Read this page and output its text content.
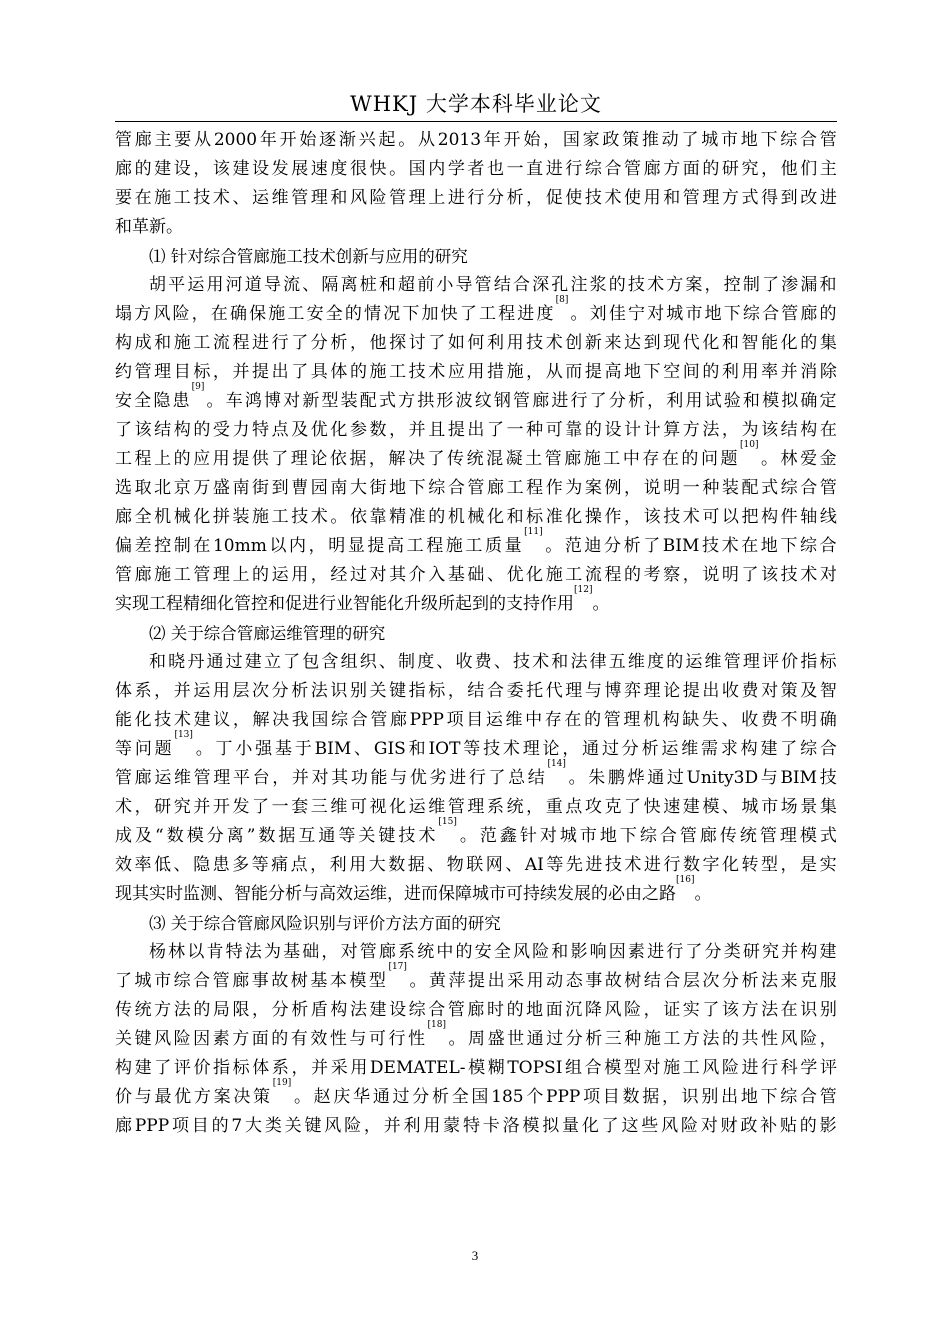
WHKJ 大学本科毕业论文
管 廊 主 要 从 2000 年 开 始 逐 渐 兴 起 。 从 2013 年 开 始 ， 国 家 政 策 推 动 了 城 市 地 下 综 合 管
廊 的 建 设 ， 该 建 设 发 展 速 度 很 快 。 国 内 学 者 也 一 直 进 行 综 合 管 廊 方 面 的 研 究 ， 他 们 主
要 在 施 工 技 术 、 运 维 管 理 和 风 险 管 理 上 进 行 分 析 ， 促 使 技 术 使 用 和 管 理 方 式 得 到 改 进
和革新。
⑴ 针对综合管廊施工技术创新与应用的研究
胡 平 运 用 河 道 导 流 、 隔 离 桩 和 超 前 小 导 管 结 合 深 孔 注 浆 的 技 术 方 案 ， 控 制 了 渗 漏 和
塌 方 风 险 ， 在 确 保 施 工 安 全 的 情 况 下 加 快 了 工 程 进 度
[8]
。 刘 佳 宁 对 城 市 地 下 综 合 管 廊 的
构 成 和 施 工 流 程 进 行 了 分 析 ， 他 探 讨 了 如 何 利 用 技 术 创 新 来 达 到 现 代 化 和 智 能 化 的 集
约 管 理 目 标 ， 并 提 出 了 具 体 的 施 工 技 术 应 用 措 施 ， 从 而 提 高 地 下 空 间 的 利 用 率 并 消 除
安 全 隐 患
[9]
。 车 鸿 博 对 新 型 装 配 式 方 拱 形 波 纹 钢 管 廊 进 行 了 分 析 ， 利 用 试 验 和 模 拟 确 定
了 该 结 构 的 受 力 特 点 及 优 化 参 数 ， 并 且 提 出 了 一 种 可 靠 的 设 计 计 算 方 法 ， 为 该 结 构 在
工 程 上 的 应 用 提 供 了 理 论 依 据 ， 解 决 了 传 统 混 凝 土 管 廊 施 工 中 存 在 的 问 题
[10]
。 林 爱 金
选 取 北 京 万 盛 南 街 到 曹 园 南 大 街 地 下 综 合 管 廊 工 程 作 为 案 例 ， 说 明 一 种 装 配 式 综 合 管
廊 全 机 械 化 拼 装 施 工 技 术 。 依 靠 精 准 的 机 械 化 和 标 准 化 操 作 ， 该 技 术 可 以 把 构 件 轴 线
偏 差 控 制 在 10mm 以 内 ， 明 显 提 高 工 程 施 工 质 量
[11]
。 范 迪 分 析 了 BIM 技 术 在 地 下 综 合
管 廊 施 工 管 理 上 的 运 用 ， 经 过 对 其 介 入 基 础 、 优 化 施 工 流 程 的 考 察 ， 说 明 了 该 技 术 对
实现工程精细化管控和促进行业智能化升级所起到的支持作用
[12]
。
⑵ 关于综合管廊运维管理的研究
和 晓 丹 通 过 建 立 了 包 含 组 织 、 制 度 、 收 费 、 技 术 和 法 律 五 维 度 的 运 维 管 理 评 价 指 标
体 系 ， 并 运 用 层 次 分 析 法 识 别 关 键 指 标 ， 结 合 委 托 代 理 与 博 弈 理 论 提 出 收 费 对 策 及 智
能 化 技 术 建 议 ， 解 决 我 国 综 合 管 廊 PPP 项 目 运 维 中 存 在 的 管 理 机 构 缺 失 、 收 费 不 明 确
等 问 题
[13]
。 丁 小 强 基 于 BIM 、 GIS 和 IOT 等 技 术 理 论 ， 通 过 分 析 运 维 需 求 构 建 了 综 合
管 廊 运 维 管 理 平 台 ， 并 对 其 功 能 与 优 劣 进 行 了 总 结
[14]
。 朱 鹏 烨 通 过 Unity3D 与 BIM 技
术 ， 研 究 并 开 发 了 一 套 三 维 可 视 化 运 维 管 理 系 统 ， 重 点 攻 克 了 快 速 建 模 、 城 市 场 景 集
成 及 “ 数 模 分 离 ” 数 据 互 通 等 关 键 技 术
[15]
。 范 鑫 针 对 城 市 地 下 综 合 管 廊 传 统 管 理 模 式
效 率 低 、 隐 患 多 等 痛 点 ， 利 用 大 数 据 、 物 联 网 、 AI 等 先 进 技 术 进 行 数 字 化 转 型 ， 是 实
现其实时监测、智能分析与高效运维，进而保障城市可持续发展的必由之路
[16]
。
⑶ 关于综合管廊风险识别与评价方法方面的研究
杨 林 以 肯 特 法 为 基 础 ， 对 管 廊 系 统 中 的 安 全 风 险 和 影 响 因 素 进 行 了 分 类 研 究 并 构 建
了 城 市 综 合 管 廊 事 故 树 基 本 模 型
[17]
。 黄 萍 提 出 采 用 动 态 事 故 树 结 合 层 次 分 析 法 来 克 服
传 统 方 法 的 局 限 ， 分 析 盾 构 法 建 设 综 合 管 廊 时 的 地 面 沉 降 风 险 ， 证 实 了 该 方 法 在 识 别
关 键 风 险 因 素 方 面 的 有 效 性 与 可 行 性
[18]
。 周 盛 世 通 过 分 析 三 种 施 工 方 法 的 共 性 风 险 ，
构 建 了 评 价 指 标 体 系 ， 并 采 用 DEMATEL- 模 糊 TOPSI 组 合 模 型 对 施 工 风 险 进 行 科 学 评
价 与 最 优 方 案 决 策
[19]
。 赵 庆 华 通 过 分 析 全 国 185 个 PPP 项 目 数 据 ， 识 别 出 地 下 综 合 管
廊 PPP 项 目 的 7 大 类 关 键 风 险 ， 并 利 用 蒙 特 卡 洛 模 拟 量 化 了 这 些 风 险 对 财 政 补 贴 的 影
3
